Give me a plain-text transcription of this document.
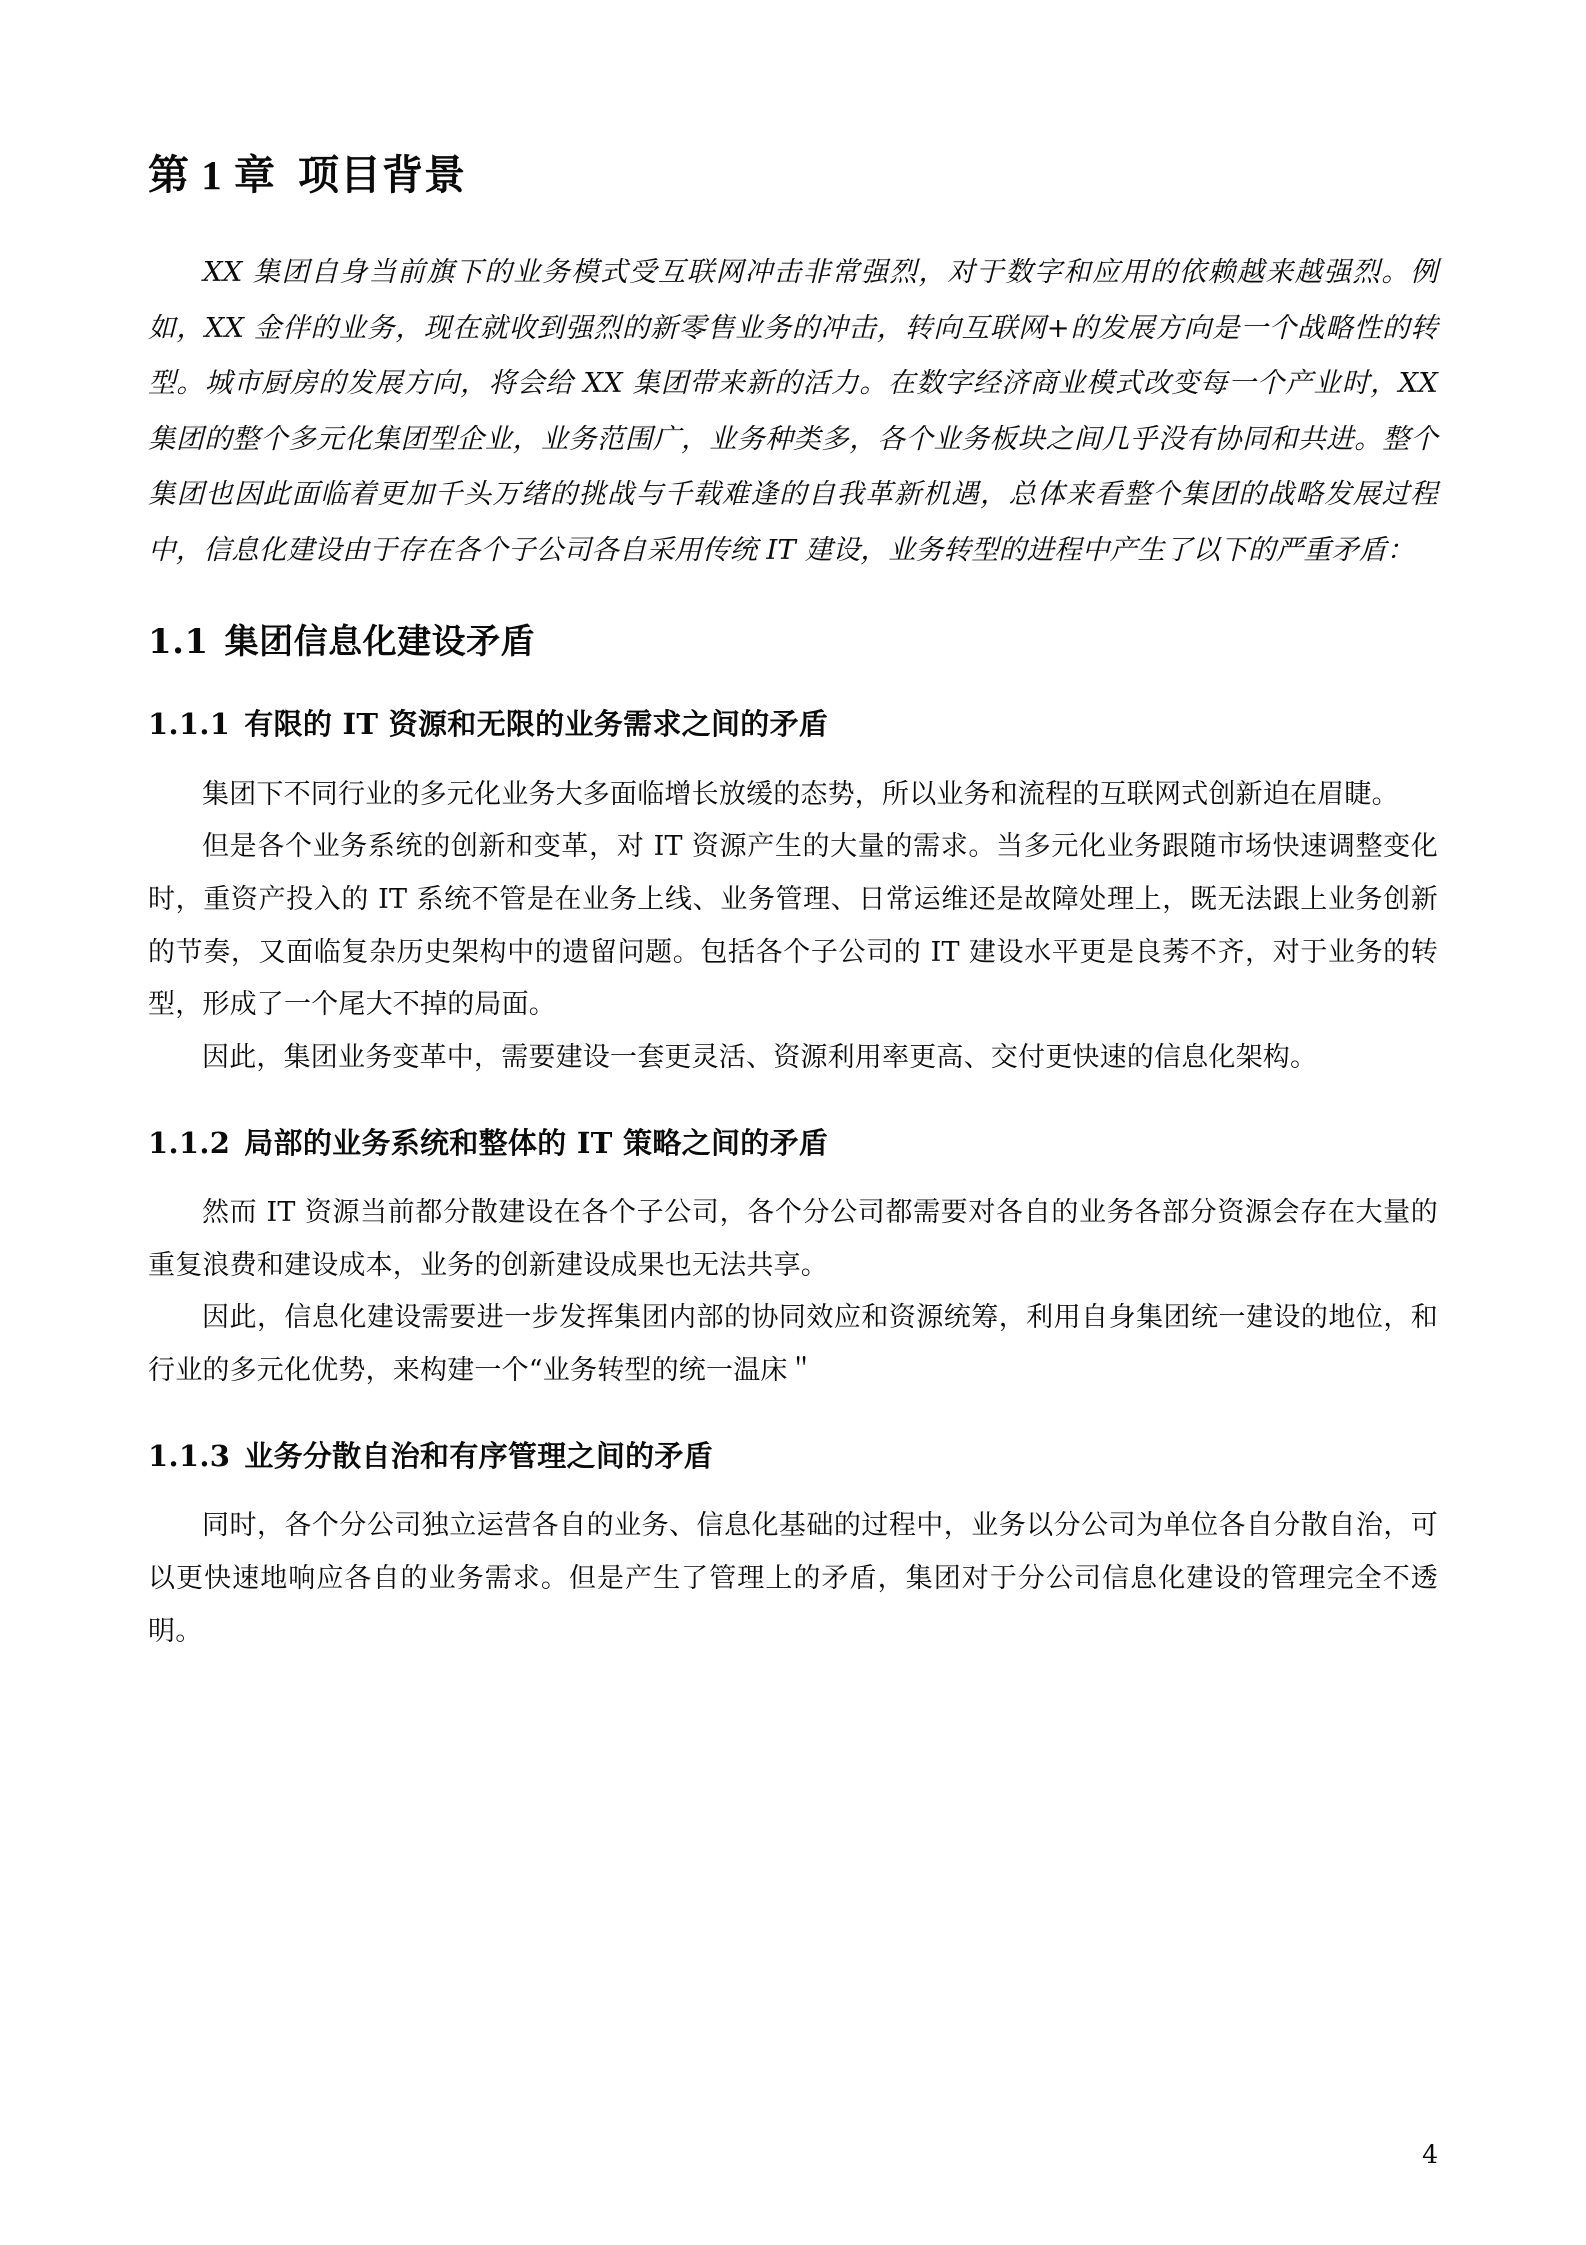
第 1 章 项目背景

XX 集团自身当前旗下的业务模式受互联网冲击非常强烈，对于数字和应用的依赖越来越强烈。例如，XX 金伴的业务，现在就收到强烈的新零售业务的冲击，转向互联网+的发展方向是一个战略性的转型。城市厨房的发展方向，将会给 XX 集团带来新的活力。在数字经济商业模式改变每一个产业时，XX 集团的整个多元化集团型企业，业务范围广，业务种类多，各个业务板块之间几乎没有协同和共进。整个集团也因此面临着更加千头万绪的挑战与千载难逢的自我革新机遇，总体来看整个集团的战略发展过程中，信息化建设由于存在各个子公司各自采用传统 IT 建设，业务转型的进程中产生了以下的严重矛盾：

1.1 集团信息化建设矛盾
1.1.1 有限的 IT 资源和无限的业务需求之间的矛盾

集团下不同行业的多元化业务大多面临增长放缓的态势，所以业务和流程的互联网式创新迫在眉睫。

但是各个业务系统的创新和变革，对 IT 资源产生的大量的需求。当多元化业务跟随市场快速调整变化时，重资产投入的 IT 系统不管是在业务上线、业务管理、日常运维还是故障处理上，既无法跟上业务创新的节奏，又面临复杂历史架构中的遗留问题。包括各个子公司的 IT 建设水平更是良莠不齐，对于业务的转型，形成了一个尾大不掉的局面。

因此，集团业务变革中，需要建设一套更灵活、资源利用率更高、交付更快速的信息化架构。

1.1.2 局部的业务系统和整体的 IT 策略之间的矛盾

然而 IT 资源当前都分散建设在各个子公司，各个分公司都需要对各自的业务各部分资源会存在大量的重复浪费和建设成本，业务的创新建设成果也无法共享。

因此，信息化建设需要进一步发挥集团内部的协同效应和资源统筹，利用自身集团统一建设的地位，和行业的多元化优势，来构建一个“业务转型的统一温床＂

1.1.3 业务分散自治和有序管理之间的矛盾

同时，各个分公司独立运营各自的业务、信息化基础的过程中，业务以分公司为单位各自分散自治，可以更快速地响应各自的业务需求。但是产生了管理上的矛盾，集团对于分公司信息化建设的管理完全不透明。

4
